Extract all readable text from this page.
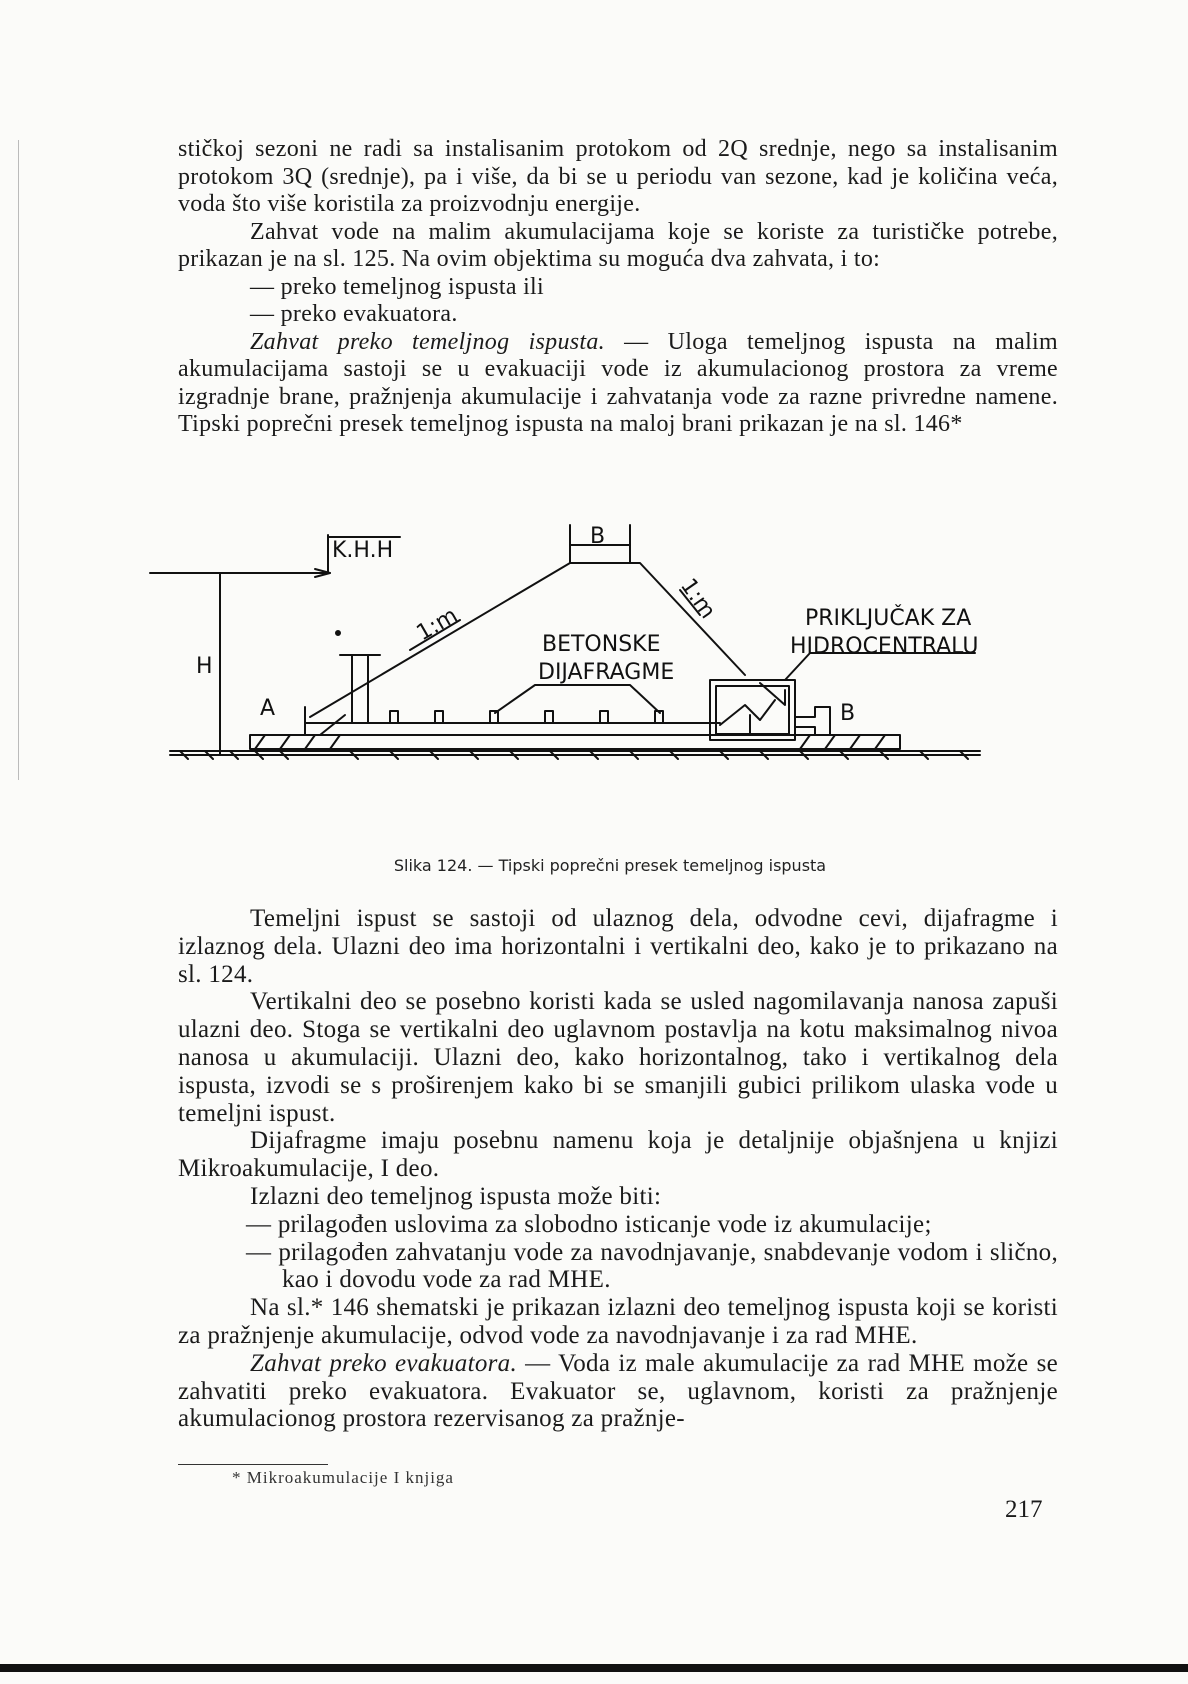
stičkoj sezoni ne radi sa instalisanim protokom od 2Q srednje, nego sa instalisanim protokom 3Q (srednje), pa i više, da bi se u periodu van sezone, kad je količina veća, voda što više koristila za proizvodnju energije.

Zahvat vode na malim akumulacijama koje se koriste za turističke potrebe, prikazan je na sl. 125. Na ovim objektima su moguća dva zahvata, i to:

— preko temeljnog ispusta ili

— preko evakuatora.

Zahvat preko temeljnog ispusta. — Uloga temeljnog ispusta na malim akumulacijama sastoji se u evakuaciji vode iz akumulacionog prostora za vreme izgradnje brane, pražnjenja akumulacije i zahvatanja vode za razne privredne namene. Tipski poprečni presek temeljnog ispusta na maloj brani prikazan je na sl. 146*

K.H.H
B
H
1:m
1:m
BETONSKE
DIJAFRAGME
PRIKLJUČAK ZA
HIDROCENTRALU
A	B
Slika 124. — Tipski poprečni presek temeljnog ispusta

Temeljni ispust se sastoji od ulaznog dela, odvodne cevi, dijafragme i izlaznog dela. Ulazni deo ima horizontalni i vertikalni deo, kako je to prikazano na sl. 124.

Vertikalni deo se posebno koristi kada se usled nagomilavanja nanosa zapuši ulazni deo. Stoga se vertikalni deo uglavnom postavlja na kotu maksimalnog nivoa nanosa u akumulaciji. Ulazni deo, kako horizontalnog, tako i vertikalnog dela ispusta, izvodi se s proširenjem kako bi se smanjili gubici prilikom ulaska vode u temeljni ispust.

Dijafragme imaju posebnu namenu koja je detaljnije objašnjena u knjizi Mikroakumulacije, I deo.

Izlazni deo temeljnog ispusta može biti:

— prilagođen uslovima za slobodno isticanje vode iz akumulacije;

— prilagođen zahvatanju vode za navodnjavanje, snabdevanje vodom i slično, kao i dovodu vode za rad MHE.

Na sl.* 146 shematski je prikazan izlazni deo temeljnog ispusta koji se koristi za pražnjenje akumulacije, odvod vode za navodnjavanje i za rad MHE.

Zahvat preko evakuatora. — Voda iz male akumulacije za rad MHE može se zahvatiti preko evakuatora. Evakuator se, uglavnom, koristi za pražnjenje akumulacionog prostora rezervisanog za pražnje-

* Mikroakumulacije I knjiga
217
